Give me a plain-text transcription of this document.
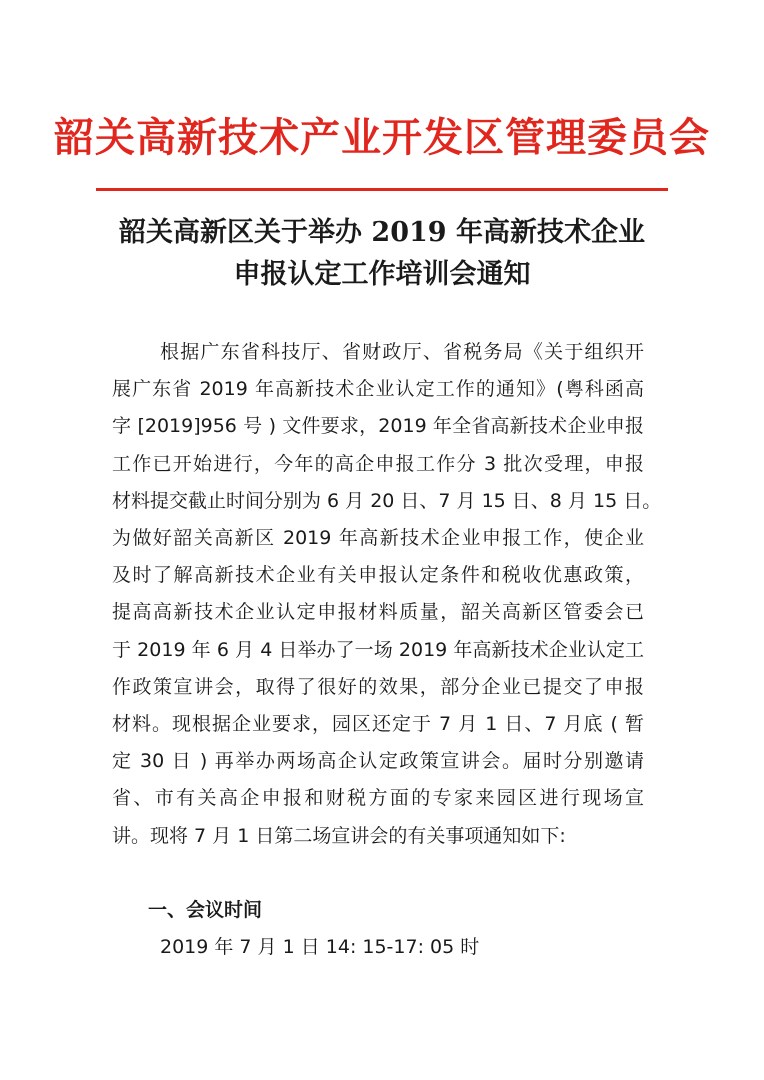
韶关高新技术产业开发区管理委员会
韶关高新区关于举办 2019 年高新技术企业
申报认定工作培训会通知
根据广东省科技厅、省财政厅、省税务局《关于组织开
展广东省 2019 年高新技术企业认定工作的通知》(粤科函高
字 [2019]956 号 ) 文件要求，2019 年全省高新技术企业申报
工作已开始进行，今年的高企申报工作分 3 批次受理，申报
材料提交截止时间分别为 6 月 20 日、7 月 15 日、8 月 15 日。
为做好韶关高新区 2019 年高新技术企业申报工作，使企业
及时了解高新技术企业有关申报认定条件和税收优惠政策，
提高高新技术企业认定申报材料质量，韶关高新区管委会已
于 2019 年 6 月 4 日举办了一场 2019 年高新技术企业认定工
作政策宣讲会，取得了很好的效果，部分企业已提交了申报
材料。现根据企业要求，园区还定于 7 月 1 日、7 月底 ( 暂
定 30 日 ) 再举办两场高企认定政策宣讲会。届时分别邀请
省、市有关高企申报和财税方面的专家来园区进行现场宣
讲。现将 7 月 1 日第二场宣讲会的有关事项通知如下:
一、会议时间
2019 年 7 月 1 日 14: 15-17: 05 时
